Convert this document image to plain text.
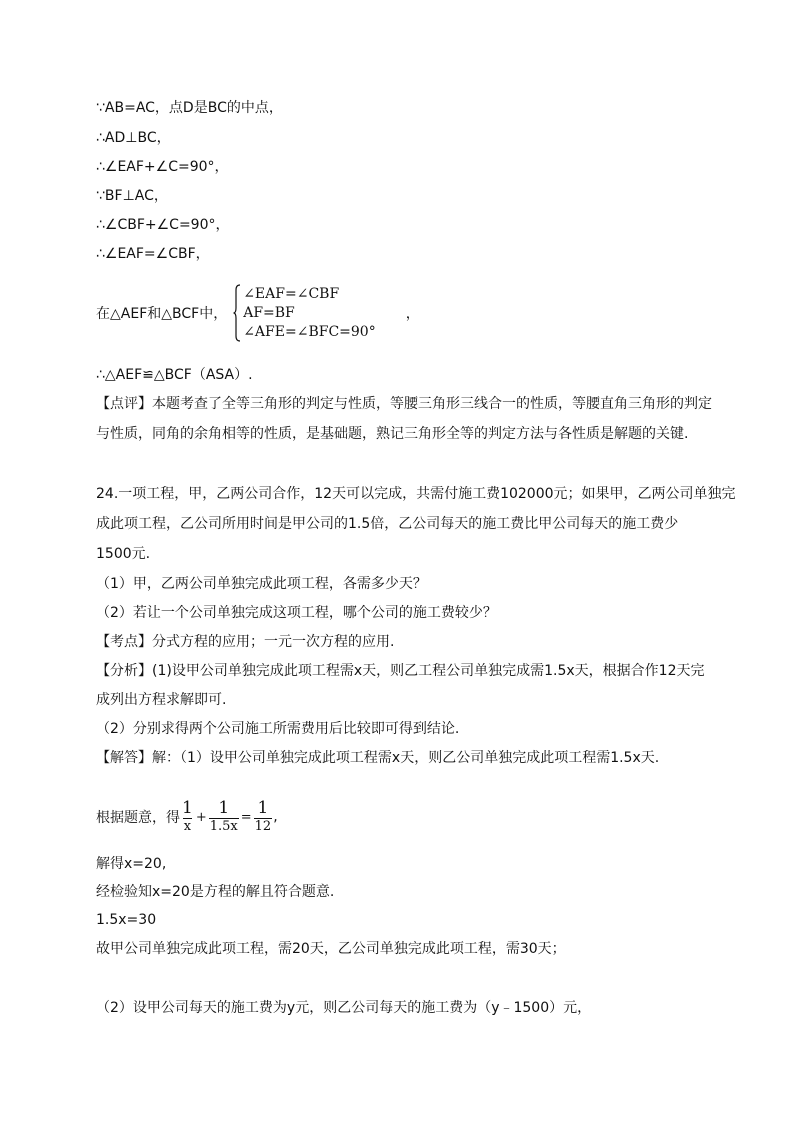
∵AB=AC，点D是BC的中点，
∴AD⊥BC，
∴∠EAF+∠C=90°，
∵BF⊥AC，
∴∠CBF+∠C=90°，
∴∠EAF=∠CBF，
在△AEF和△BCF中，
∠EAF=∠CBF
AF=BF
∠AFE=∠BFC=90°
，
∴△AEF≌△BCF（ASA）.
【点评】本题考查了全等三角形的判定与性质，等腰三角形三线合一的性质，等腰直角三角形的判定
与性质，同角的余角相等的性质，是基础题，熟记三角形全等的判定方法与各性质是解题的关键.
24.一项工程，甲，乙两公司合作，12天可以完成，共需付施工费102000元；如果甲，乙两公司单独完
成此项工程，乙公司所用时间是甲公司的1.5倍，乙公司每天的施工费比甲公司每天的施工费少
1500元.
（1）甲，乙两公司单独完成此项工程，各需多少天？
（2）若让一个公司单独完成这项工程，哪个公司的施工费较少？
【考点】分式方程的应用；一元一次方程的应用.
【分析】(1)设甲公司单独完成此项工程需x天，则乙工程公司单独完成需1.5x天，根据合作12天完
成列出方程求解即可.
（2）分别求得两个公司施工所需费用后比较即可得到结论.
【解答】解：（1）设甲公司单独完成此项工程需x天，则乙公司单独完成此项工程需1.5x天.
根据题意，得 $\frac{1}{x} + \frac{1}{1.5x} = \frac{1}{12}$ ,
解得x=20,
经检验知x=20是方程的解且符合题意.
1.5x=30
故甲公司单独完成此项工程，需20天，乙公司单独完成此项工程，需30天；
（2）设甲公司每天的施工费为y元，则乙公司每天的施工费为（y﹣1500）元，
